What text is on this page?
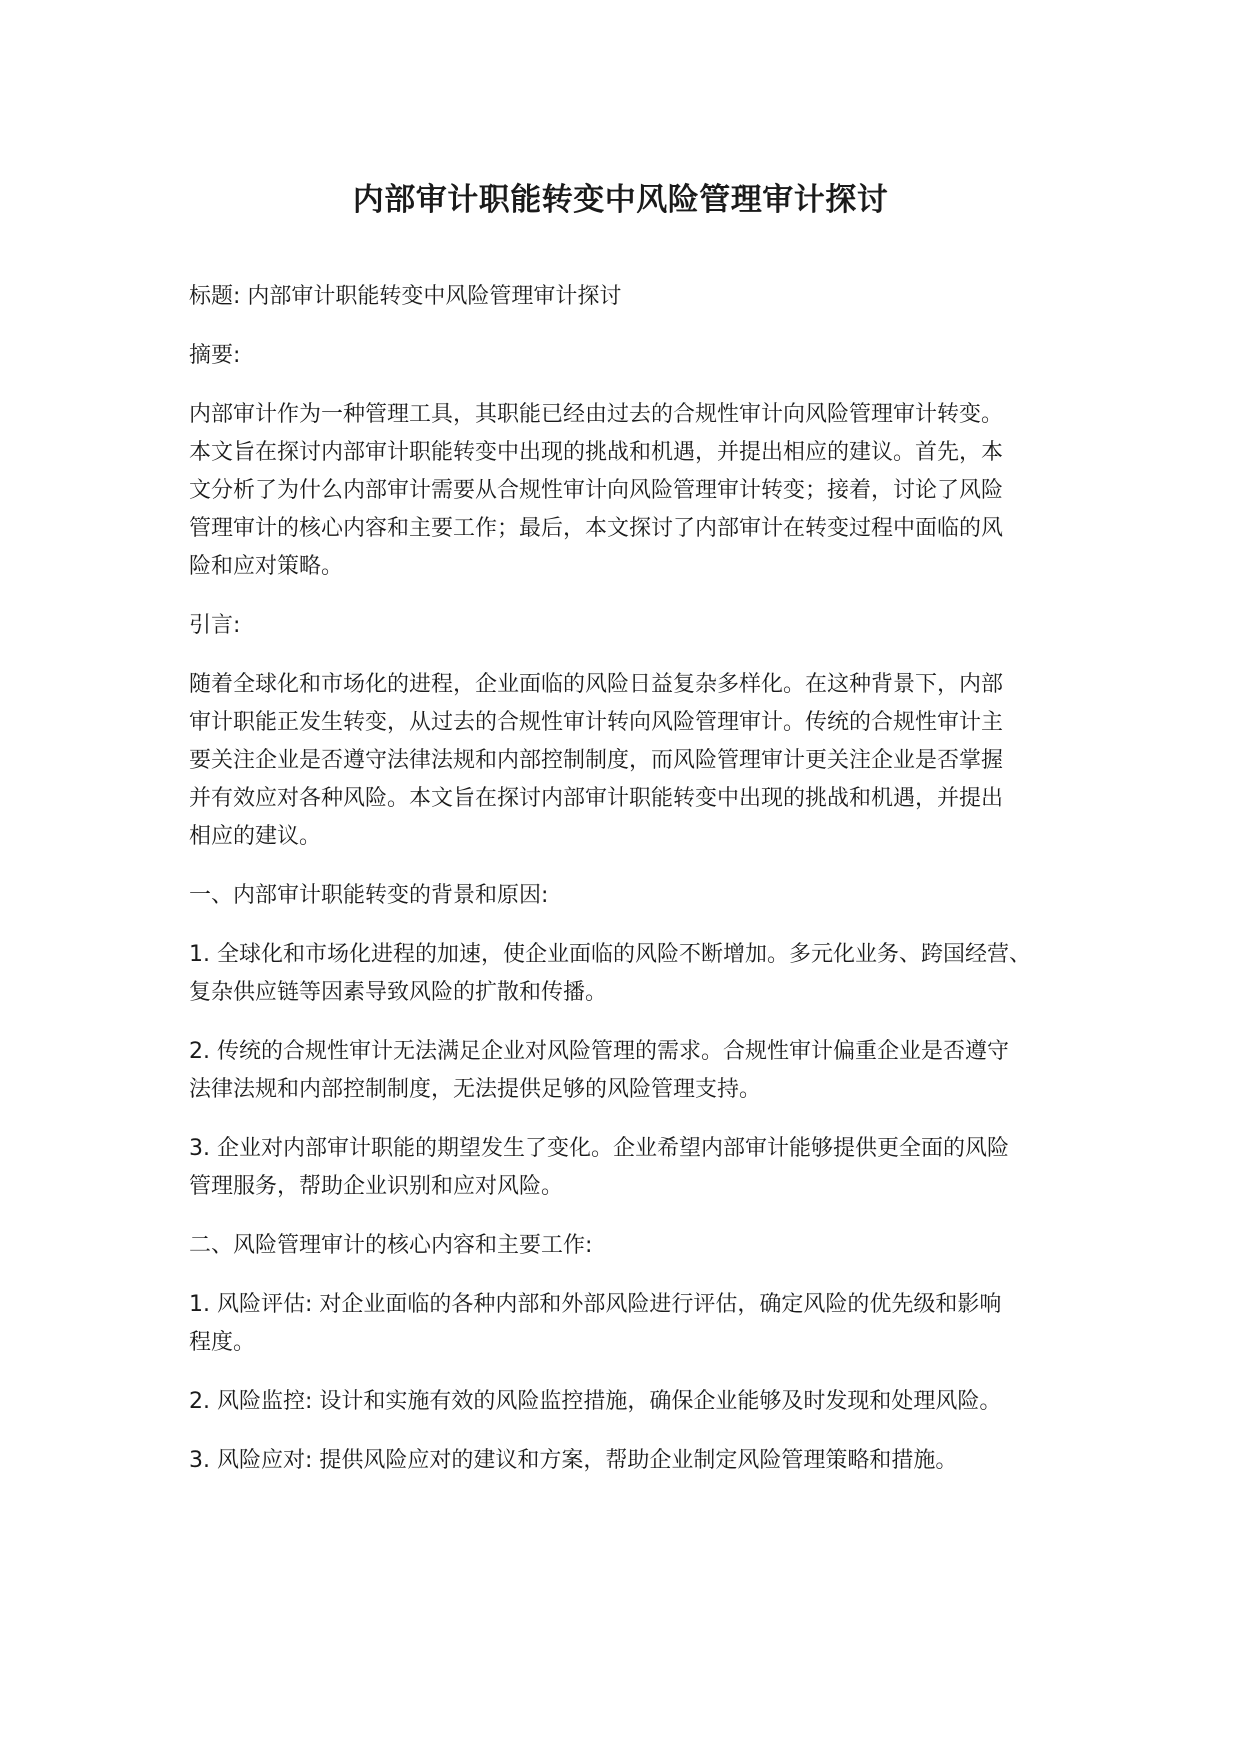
内部审计职能转变中风险管理审计探讨

标题: 内部审计职能转变中风险管理审计探讨

摘要:

内部审计作为一种管理工具，其职能已经由过去的合规性审计向风险管理审计转变。
本文旨在探讨内部审计职能转变中出现的挑战和机遇，并提出相应的建议。首先，本
文分析了为什么内部审计需要从合规性审计向风险管理审计转变；接着，讨论了风险
管理审计的核心内容和主要工作；最后，本文探讨了内部审计在转变过程中面临的风
险和应对策略。

引言:

随着全球化和市场化的进程，企业面临的风险日益复杂多样化。在这种背景下，内部
审计职能正发生转变，从过去的合规性审计转向风险管理审计。传统的合规性审计主
要关注企业是否遵守法律法规和内部控制制度，而风险管理审计更关注企业是否掌握
并有效应对各种风险。本文旨在探讨内部审计职能转变中出现的挑战和机遇，并提出
相应的建议。

一、内部审计职能转变的背景和原因:

1. 全球化和市场化进程的加速，使企业面临的风险不断增加。多元化业务、跨国经营、
复杂供应链等因素导致风险的扩散和传播。

2. 传统的合规性审计无法满足企业对风险管理的需求。合规性审计偏重企业是否遵守
法律法规和内部控制制度，无法提供足够的风险管理支持。

3. 企业对内部审计职能的期望发生了变化。企业希望内部审计能够提供更全面的风险
管理服务，帮助企业识别和应对风险。

二、风险管理审计的核心内容和主要工作:

1. 风险评估: 对企业面临的各种内部和外部风险进行评估，确定风险的优先级和影响
程度。

2. 风险监控: 设计和实施有效的风险监控措施，确保企业能够及时发现和处理风险。

3. 风险应对: 提供风险应对的建议和方案，帮助企业制定风险管理策略和措施。
